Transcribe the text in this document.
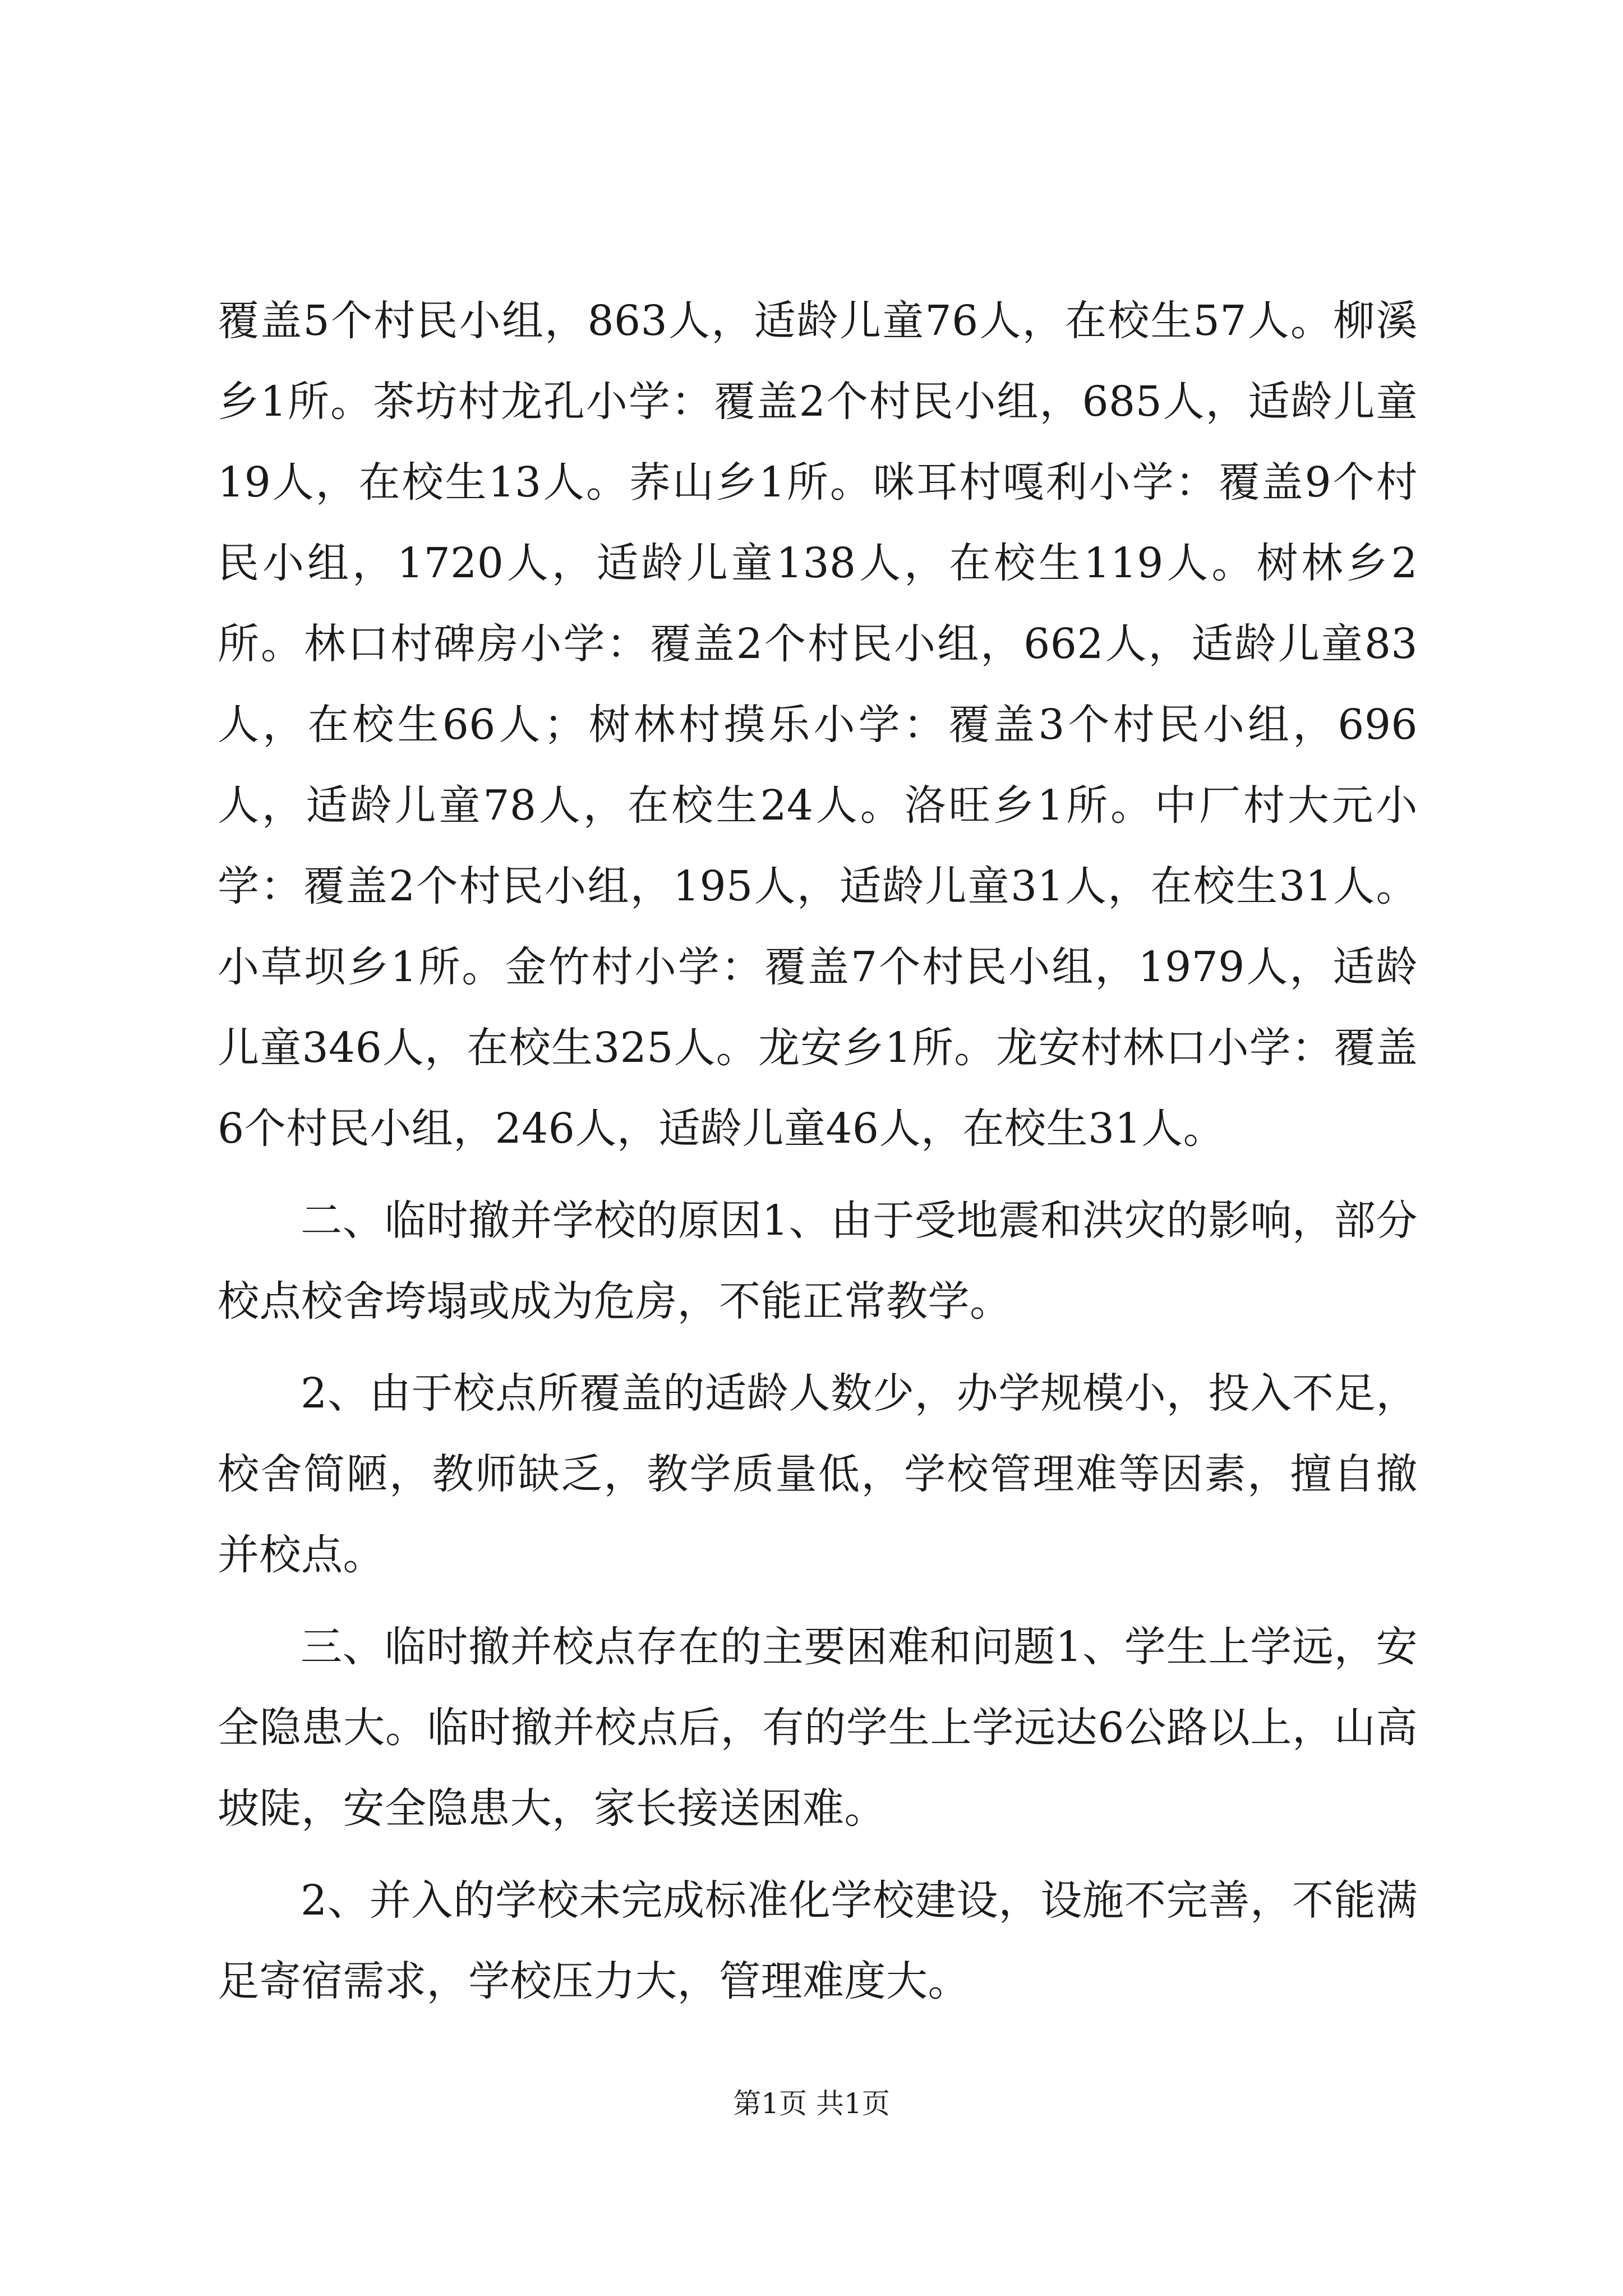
覆盖5个村民小组，863人，适龄儿童76人，在校生57人。柳溪乡1所。茶坊村龙孔小学：覆盖2个村民小组，685人，适龄儿童19人，在校生13人。荞山乡1所。咪耳村嘎利小学：覆盖9个村民小组，1720人，适龄儿童138人，在校生119人。树林乡2所。林口村碑房小学：覆盖2个村民小组，662人，适龄儿童83人，在校生66人；树林村摸乐小学：覆盖3个村民小组，696人，适龄儿童78人，在校生24人。洛旺乡1所。中厂村大元小学：覆盖2个村民小组，195人，适龄儿童31人，在校生31人。小草坝乡1所。金竹村小学：覆盖7个村民小组，1979人，适龄儿童346人，在校生325人。龙安乡1所。龙安村林口小学：覆盖6个村民小组，246人，适龄儿童46人，在校生31人。

二、临时撤并学校的原因1、由于受地震和洪灾的影响，部分校点校舍垮塌或成为危房，不能正常教学。

2、由于校点所覆盖的适龄人数少，办学规模小，投入不足，校舍简陋，教师缺乏，教学质量低，学校管理难等因素，擅自撤并校点。

三、临时撤并校点存在的主要困难和问题1、学生上学远，安全隐患大。临时撤并校点后，有的学生上学远达6公路以上，山高坡陡，安全隐患大，家长接送困难。

2、并入的学校未完成标准化学校建设，设施不完善，不能满足寄宿需求，学校压力大，管理难度大。

第1页 共1页
